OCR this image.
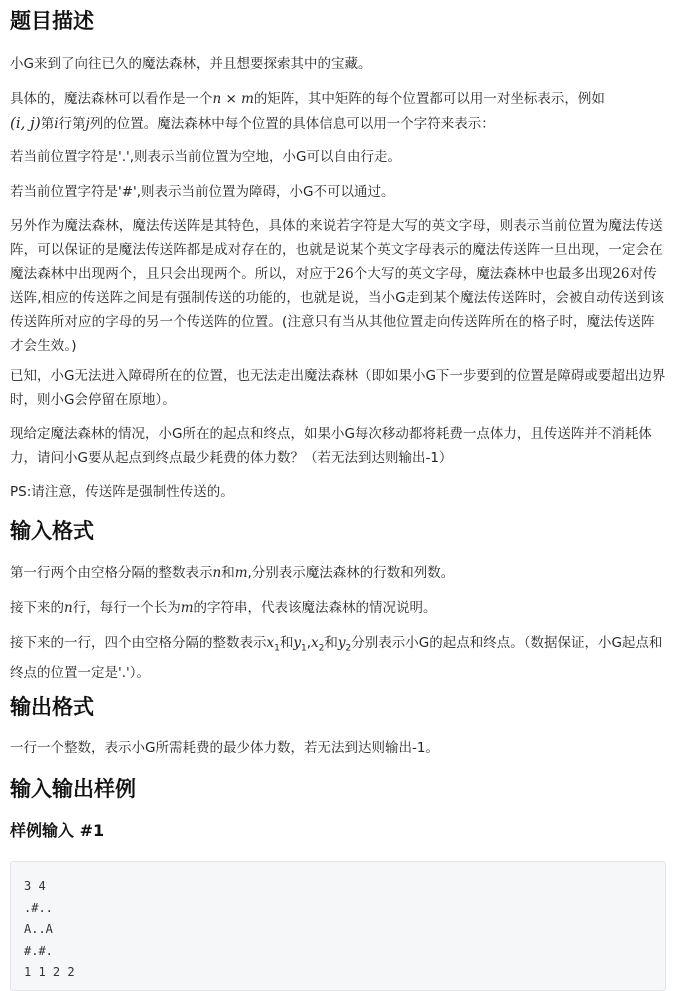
题目描述

小G来到了向往已久的魔法森林，并且想要探索其中的宝藏。

具体的，魔法森林可以看作是一个n × m的矩阵，其中矩阵的每个位置都可以用一对坐标表示，例如
(i, j)第i行第j列的位置。魔法森林中每个位置的具体信息可以用一个字符来表示：

若当前位置字符是'.',则表示当前位置为空地，小G可以自由行走。

若当前位置字符是'#',则表示当前位置为障碍，小G不可以通过。

另外作为魔法森林，魔法传送阵是其特色，具体的来说若字符是大写的英文字母，则表示当前位置为魔法传送阵，可以保证的是魔法传送阵都是成对存在的，也就是说某个英文字母表示的魔法传送阵一旦出现，一定会在魔法森林中出现两个，且只会出现两个。所以，对应于26个大写的英文字母，魔法森林中也最多出现26对传送阵,相应的传送阵之间是有强制传送的功能的，也就是说，当小G走到某个魔法传送阵时，会被自动传送到该传送阵所对应的字母的另一个传送阵的位置。(注意只有当从其他位置走向传送阵所在的格子时，魔法传送阵才会生效。)

已知，小G无法进入障碍所在的位置，也无法走出魔法森林（即如果小G下一步要到的位置是障碍或要超出边界时，则小G会停留在原地）。

现给定魔法森林的情况，小G所在的起点和终点，如果小G每次移动都将耗费一点体力，且传送阵并不消耗体力，请问小G要从起点到终点最少耗费的体力数？（若无法到达则输出-1）

PS:请注意，传送阵是强制性传送的。

输入格式

第一行两个由空格分隔的整数表示n和m,分别表示魔法森林的行数和列数。

接下来的n行，每行一个长为m的字符串，代表该魔法森林的情况说明。

接下来的一行，四个由空格分隔的整数表示$x_1$和$y_1,x_2$和$y_2$分别表示小G的起点和终点。（数据保证，小G起点和终点的位置一定是'.'）。

输出格式

一行一个整数，表示小G所需耗费的最少体力数，若无法到达则输出-1。

输入输出样例
样例输入 #1
3 4
.#..
A..A
#.#.
1 1 2 2
